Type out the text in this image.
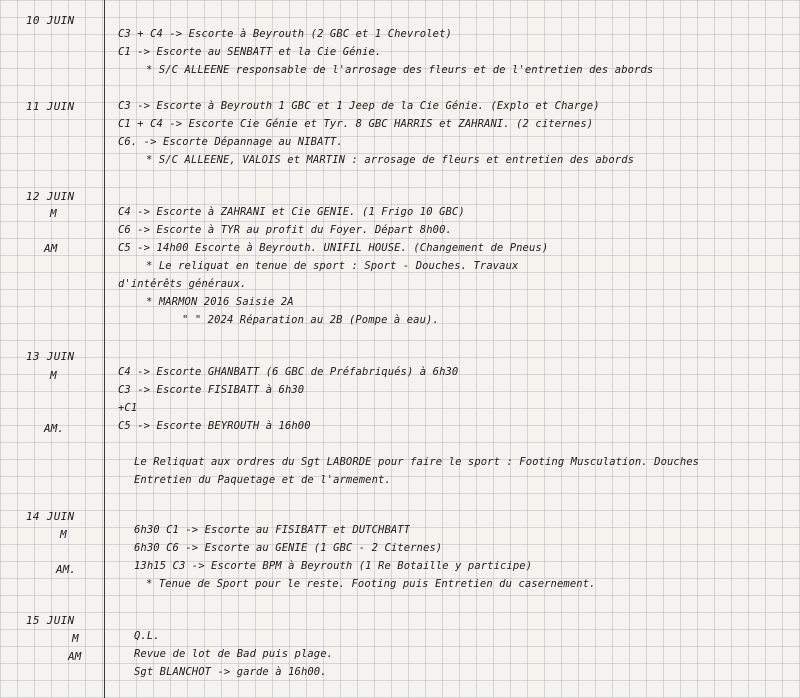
10 JUIN
C3 + C4 -> Escorte à Beyrouth (2 GBC et 1 Chevrolet)
C1 -> Escorte au SENBATT et la Cie Génie.
* S/C ALLEENE responsable de l'arrosage des fleurs et de l'entretien des abords
11 JUIN	C3 -> Escorte à Beyrouth 1 GBC et 1 Jeep de la Cie Génie. (Explo et Charge)
C1 + C4 -> Escorte Cie Génie et Tyr. 8 GBC HARRIS et ZAHRANI. (2 citernes)
C6. -> Escorte Dépannage au NIBATT.
* S/C ALLEENE, VALOIS et MARTIN : arrosage de fleurs et entretien des abords
12 JUIN
M
AM
C4 -> Escorte à ZAHRANI et Cie GENIE. (1 Frigo 10 GBC)
C6 -> Escorte à TYR au profit du Foyer. Départ 8h00.
C5 -> 14h00 Escorte à Beyrouth. UNIFIL HOUSE. (Changement de Pneus)
* Le reliquat en tenue de sport : Sport - Douches. Travaux
d'intérêts généraux.
* MARMON 2016 Saisie 2A
" " 2024 Réparation au 2B (Pompe à eau).
13 JUIN
M
AM.
C4 -> Escorte GHANBATT (6 GBC de Préfabriqués) à 6h30
C3 -> Escorte FISIBATT à 6h30
+C1
C5 -> Escorte BEYROUTH à 16h00
Le Reliquat aux ordres du Sgt LABORDE pour faire le sport : Footing Musculation. Douches
Entretien du Paquetage et de l'armement.
14 JUIN
M
AM.
6h30 C1 -> Escorte au FISIBATT et DUTCHBATT
6h30 C6 -> Escorte au GENIE (1 GBC - 2 Citernes)
13h15 C3 -> Escorte BPM à Beyrouth (1 Re Botaille y participe)
* Tenue de Sport pour le reste. Footing puis Entretien du casernement.
15 JUIN
M
AM
Q.L.
Revue de lot de Bad puis plage.
Sgt BLANCHOT -> garde à 16h00.
